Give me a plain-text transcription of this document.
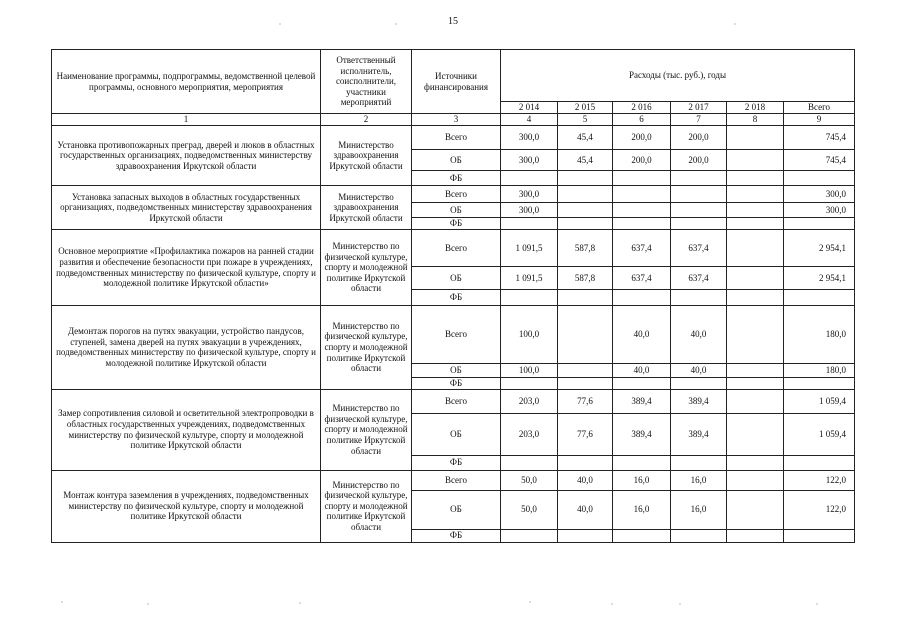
15
Наименование программы, подпрограммы, ведомственной целевой программы, основного мероприятия, мероприятия	Ответственный исполнитель, соисполнители, участники мероприятий	Источники финансирования	Расходы (тыс. руб.), годы					
			2 014	2 015	2 016	2 017	2 018	Всего
1	2	3	4	5	6	7	8	9
Установка противопожарных преград, дверей и люков в областных государственных организациях, подведомственных министерству здравоохранения Иркутской области	Министерство здравоохранения Иркутской области	Всего	300,0	45,4	200,0	200,0		745,4
		ОБ	300,0	45,4	200,0	200,0		745,4
		ФБ						
Установка запасных выходов в областных государственных организациях, подведомственных министерству здравоохранения Иркутской области	Министерство здравоохранения Иркутской области	Всего	300,0					300,0
		ОБ	300,0					300,0
		ФБ						
Основное мероприятие «Профилактика пожаров на ранней стадии развития и обеспечение безопасности при пожаре в учреждениях, подведомственных министерству по физической культуре, спорту и молодежной политике Иркутской области»	Министерство по физической культуре, спорту и молодежной политике Иркутской области	Всего	1 091,5	587,8	637,4	637,4		2 954,1
		ОБ	1 091,5	587,8	637,4	637,4		2 954,1
		ФБ						
Демонтаж порогов на путях эвакуации, устройство пандусов, ступеней, замена дверей на путях эвакуации в учреждениях, подведомственных министерству по физической культуре, спорту и молодежной политике Иркутской области	Министерство по физической культуре, спорту и молодежной политике Иркутской области	Всего	100,0		40,0	40,0		180,0
		ОБ	100,0		40,0	40,0		180,0
		ФБ						
Замер сопротивления силовой и осветительной электропроводки в областных государственных учреждениях, подведомственных министерству по физической культуре, спорту и молодежной политике Иркутской области	Министерство по физической культуре, спорту и молодежной политике Иркутской области	Всего	203,0	77,6	389,4	389,4		1 059,4
		ОБ	203,0	77,6	389,4	389,4		1 059,4
		ФБ						
Монтаж контура заземления в учреждениях, подведомственных министерству по физической культуре, спорту и молодежной политике Иркутской области	Министерство по физической культуре, спорту и молодежной политике Иркутской области	Всего	50,0	40,0	16,0	16,0		122,0
		ОБ	50,0	40,0	16,0	16,0		122,0
		ФБ						
